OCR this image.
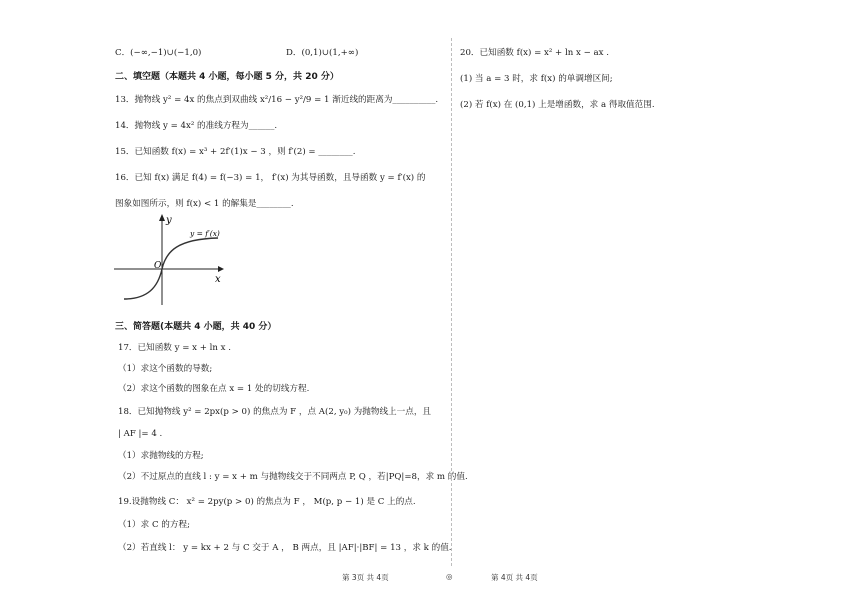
C．(−∞,−1)∪(−1,0)	D．(0,1)∪(1,+∞)
二、填空题（本题共 4 小题，每小题 5 分，共 20 分）
13．抛物线 y² = 4x 的焦点到双曲线 x²/16 − y²/9 = 1 渐近线的距离为__________.
14．抛物线 y = 4x² 的准线方程为______.
15．已知函数 f(x) = x³ + 2f′(1)x − 3 ，则 f′(2) = ________.
16．已知 f(x) 满足 f(4) = f(−3) = 1， f′(x) 为其导函数，且导函数 y = f′(x) 的
图象如图所示，则 f(x) < 1 的解集是________.
y
x
O
y = f′(x)
三、简答题(本题共 4 小题，共 40 分）
17．已知函数 y = x + ln x .
（1）求这个函数的导数;
（2）求这个函数的图象在点 x = 1 处的切线方程.
18．已知抛物线 y² = 2px(p > 0) 的焦点为 F ，点 A(2, y₀) 为抛物线上一点，且
| AF |= 4 .
（1）求抛物线的方程;
（2）不过原点的直线 l : y = x + m 与抛物线交于不同两点 P, Q ，若|PQ|=8，求 m 的值.
19.设抛物线 C： x² = 2py(p > 0) 的焦点为 F ， M(p, p − 1) 是 C 上的点.
（1）求 C 的方程;
（2）若直线 l： y = kx + 2 与 C 交于 A ， B 两点，且 |AF|·|BF| = 13 ，求 k 的值.
20．已知函数 f(x) = x² + ln x − ax .
(1) 当 a = 3 时，求 f(x) 的单调增区间;
(2) 若 f(x) 在 (0,1) 上是增函数，求 a 得取值范围.
第 3页 共 4页	◎	第 4页 共 4页
